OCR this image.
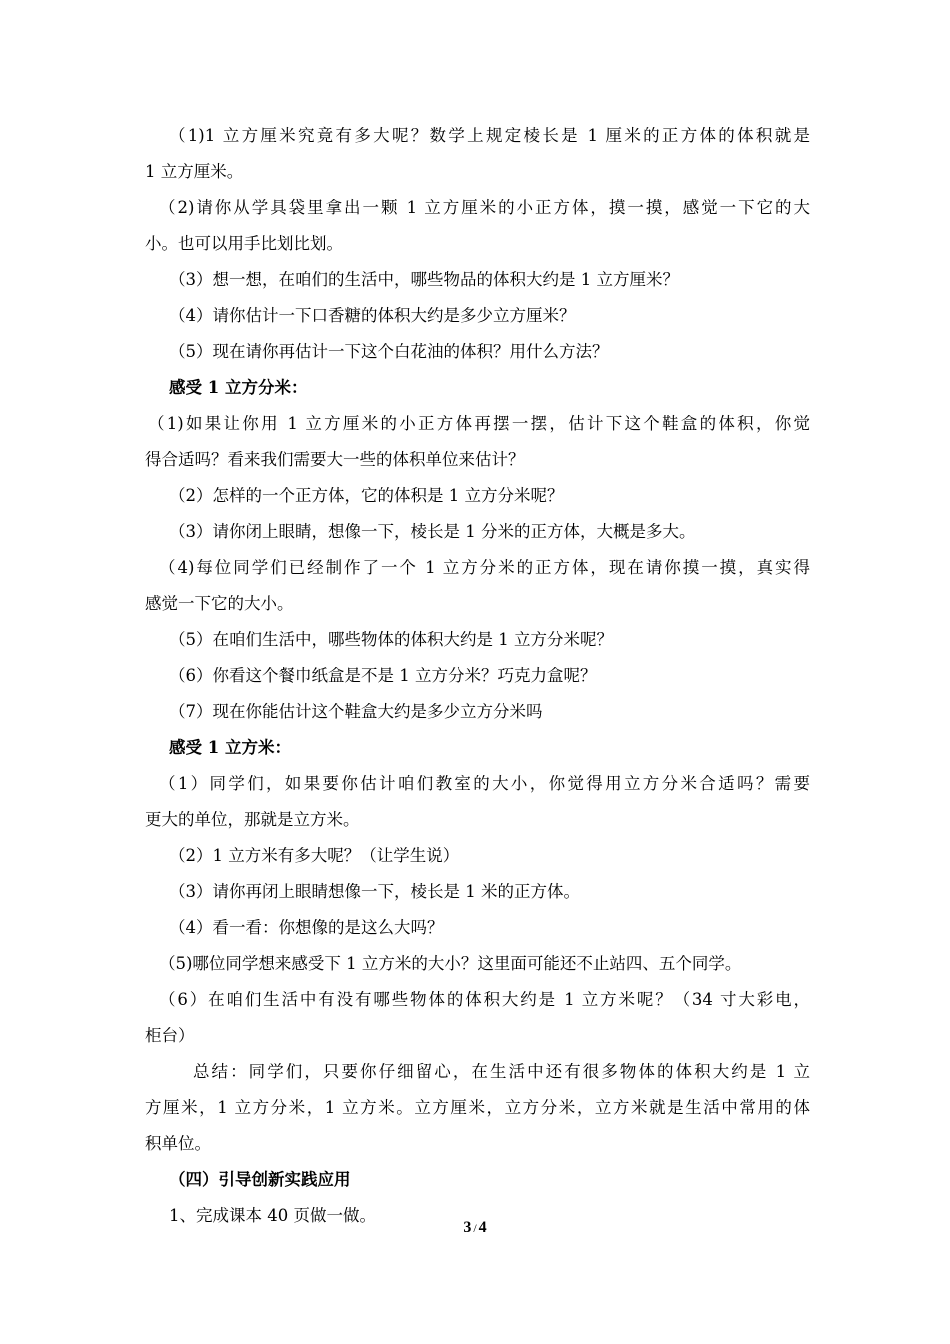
（1)1 立方厘米究竟有多大呢？数学上规定棱长是 1 厘米的正方体的体积就是
1 立方厘米。
（2)请你从学具袋里拿出一颗 1 立方厘米的小正方体，摸一摸，感觉一下它的大
小。也可以用手比划比划。
（3）想一想，在咱们的生活中，哪些物品的体积大约是 1 立方厘米？
（4）请你估计一下口香糖的体积大约是多少立方厘米？
（5）现在请你再估计一下这个白花油的体积？用什么方法？
感受 1 立方分米：
（1)如果让你用 1 立方厘米的小正方体再摆一摆，估计下这个鞋盒的体积，你觉
得合适吗？看来我们需要大一些的体积单位来估计？
（2）怎样的一个正方体，它的体积是 1 立方分米呢？
（3）请你闭上眼睛，想像一下，棱长是 1 分米的正方体，大概是多大。
（4)每位同学们已经制作了一个 1 立方分米的正方体，现在请你摸一摸，真实得
感觉一下它的大小。
（5）在咱们生活中，哪些物体的体积大约是 1 立方分米呢？
（6）你看这个餐巾纸盒是不是 1 立方分米？巧克力盒呢？
（7）现在你能估计这个鞋盒大约是多少立方分米吗
感受 1 立方米：
（1）同学们，如果要你估计咱们教室的大小，你觉得用立方分米合适吗？需要
更大的单位，那就是立方米。
（2）1 立方米有多大呢？（让学生说）
（3）请你再闭上眼睛想像一下，棱长是 1 米的正方体。
（4）看一看：你想像的是这么大吗？
（5)哪位同学想来感受下 1 立方米的大小？这里面可能还不止站四、五个同学。
（6）在咱们生活中有没有哪些物体的体积大约是 1 立方米呢？（34 寸大彩电，
柜台）
总结：同学们，只要你仔细留心，在生活中还有很多物体的体积大约是 1 立
方厘米，1 立方分米，1 立方米。立方厘米，立方分米，立方米就是生活中常用的体
积单位。
（四）引导创新实践应用
1、完成课本 40 页做一做。
3 / 4
